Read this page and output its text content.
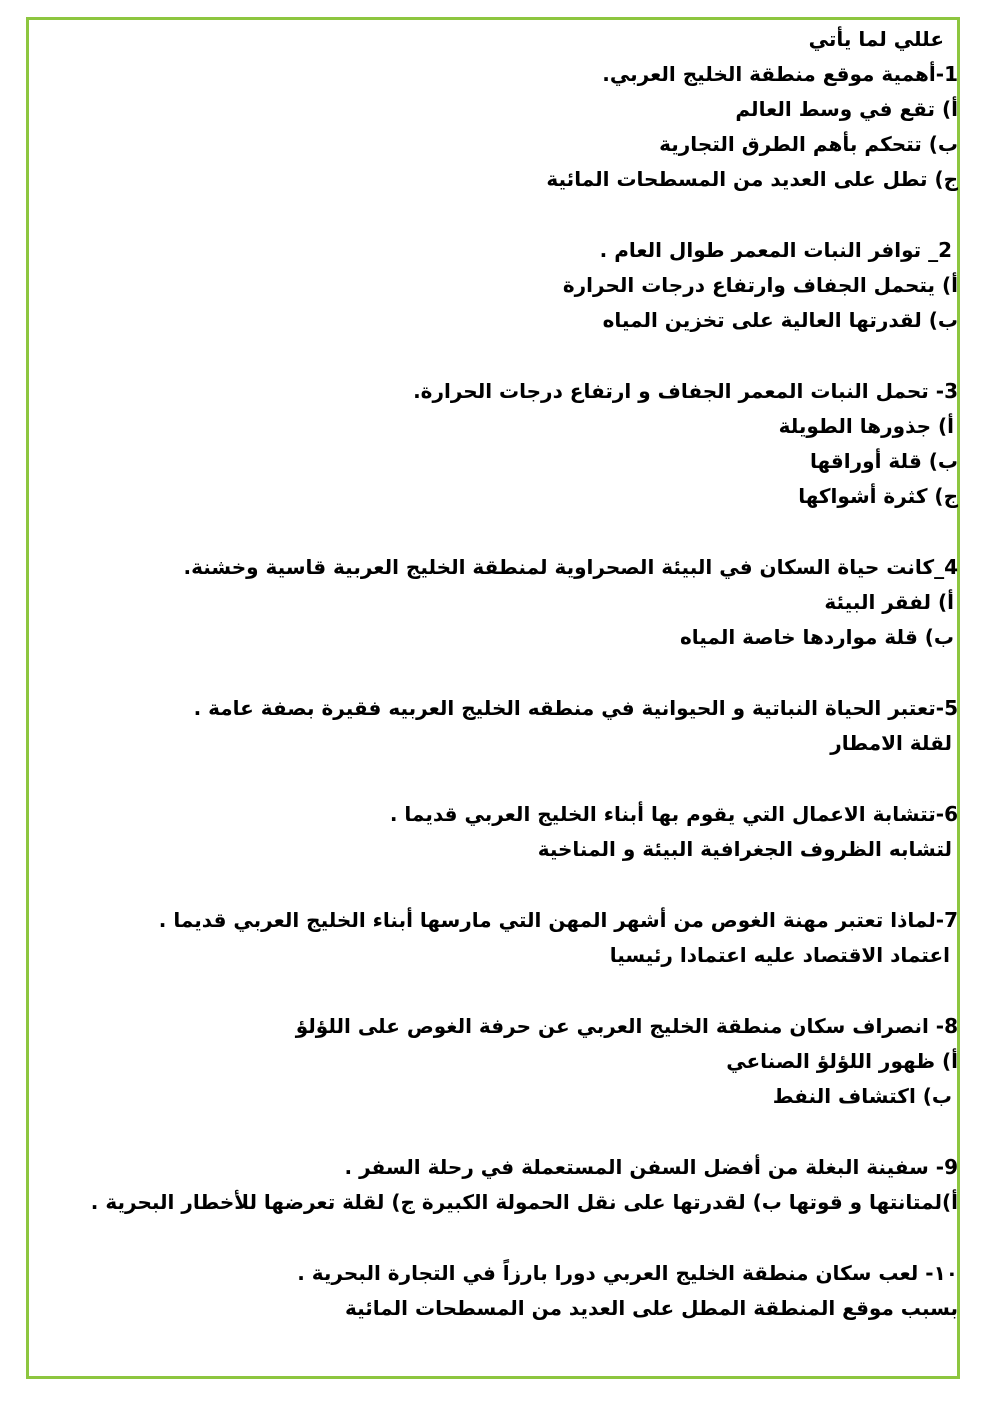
عللي لما يأتي
1-أهمية موقع منطقة الخليج العربي.
أ) تقع في وسط العالم
ب) تتحكم بأهم الطرق التجارية
ج) تطل على العديد من المسطحات المائية
2_ توافر النبات المعمر طوال العام .
أ) يتحمل الجفاف وارتفاع درجات الحرارة
ب) لقدرتها العالية على تخزين المياه
3- تحمل النبات المعمر الجفاف و ارتفاع درجات الحرارة.
أ) جذورها الطويلة
ب) قلة أوراقها
ج) كثرة أشواكها
4_كانت حياة السكان في البيئة الصحراوية لمنطقة الخليج العربية قاسية وخشنة.
أ) لفقر البيئة
ب) قلة مواردها خاصة المياه
5-تعتبر الحياة النباتية و الحيوانية في منطقه الخليج العربيه فقيرة بصفة عامة .
لقلة الامطار
6-تتشابة الاعمال التي يقوم بها أبناء الخليج العربي قديما .
لتشابه الظروف الجغرافية البيئة و المناخية
7-لماذا تعتبر مهنة الغوص من أشهر المهن التي مارسها أبناء الخليج العربي قديما .
اعتماد الاقتصاد عليه اعتمادا رئيسيا
8- انصراف سكان منطقة الخليج العربي عن حرفة الغوص على اللؤلؤ
أ) ظهور اللؤلؤ الصناعي
ب) اكتشاف النفط
9- سفينة البغلة من أفضل السفن المستعملة في رحلة السفر .
أ)لمتانتها و قوتها ب) لقدرتها على نقل الحمولة الكبيرة ج) لقلة تعرضها للأخطار البحرية .
١٠- لعب سكان منطقة الخليج العربي دورا بارزاً في التجارة البحرية .
بسبب موقع المنطقة المطل على العديد من المسطحات المائية
